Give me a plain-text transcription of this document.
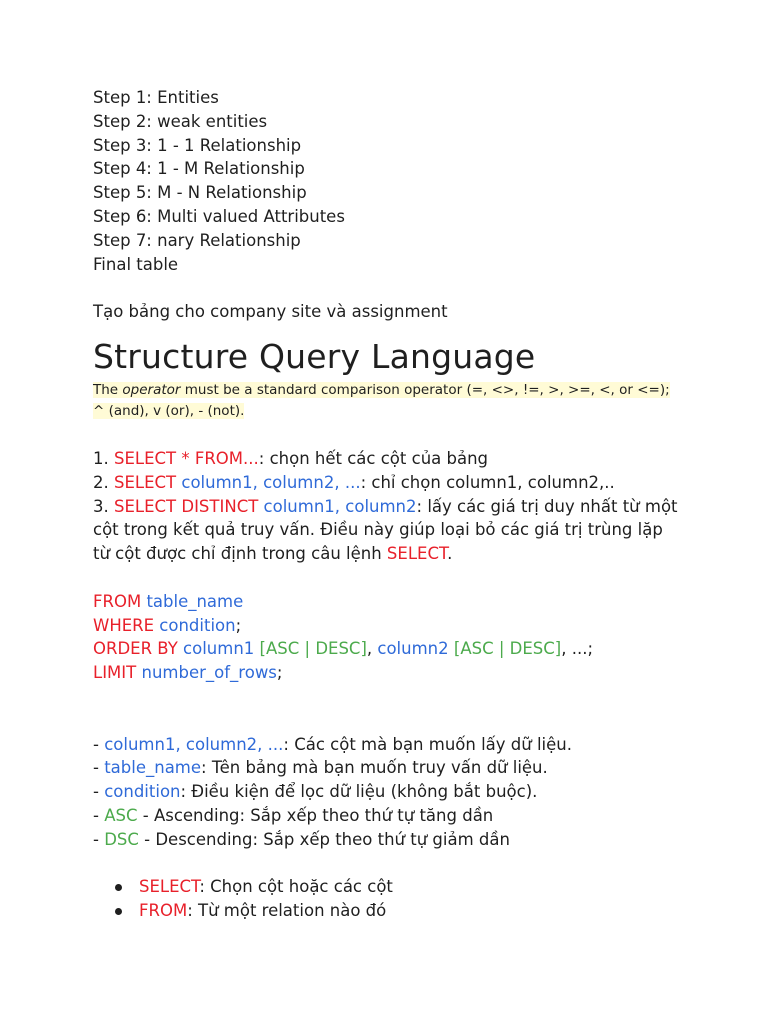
Step 1: Entities
Step 2: weak entities
Step 3: 1 - 1 Relationship
Step 4: 1 - M Relationship
Step 5: M - N Relationship
Step 6: Multi valued Attributes
Step 7: nary Relationship
Final table
Tạo bảng cho company site và assignment
Structure Query Language
The operator must be a standard comparison operator (=, <>, !=, >, >=, <, or <=); ^ (and), v (or), - (not).
1. SELECT * FROM...: chọn hết các cột của bảng
2. SELECT column1, column2, ...: chỉ chọn column1, column2,..
3. SELECT DISTINCT column1, column2: lấy các giá trị duy nhất từ một cột trong kết quả truy vấn. Điều này giúp loại bỏ các giá trị trùng lặp từ cột được chỉ định trong câu lệnh SELECT.
FROM table_name
WHERE condition;
ORDER BY column1 [ASC | DESC], column2 [ASC | DESC], ...;
LIMIT number_of_rows;
- column1, column2, ...: Các cột mà bạn muốn lấy dữ liệu.
- table_name: Tên bảng mà bạn muốn truy vấn dữ liệu.
- condition: Điều kiện để lọc dữ liệu (không bắt buộc).
- ASC - Ascending: Sắp xếp theo thứ tự tăng dần
- DSC - Descending: Sắp xếp theo thứ tự giảm dần
SELECT: Chọn cột hoặc các cột
FROM: Từ một relation nào đó
